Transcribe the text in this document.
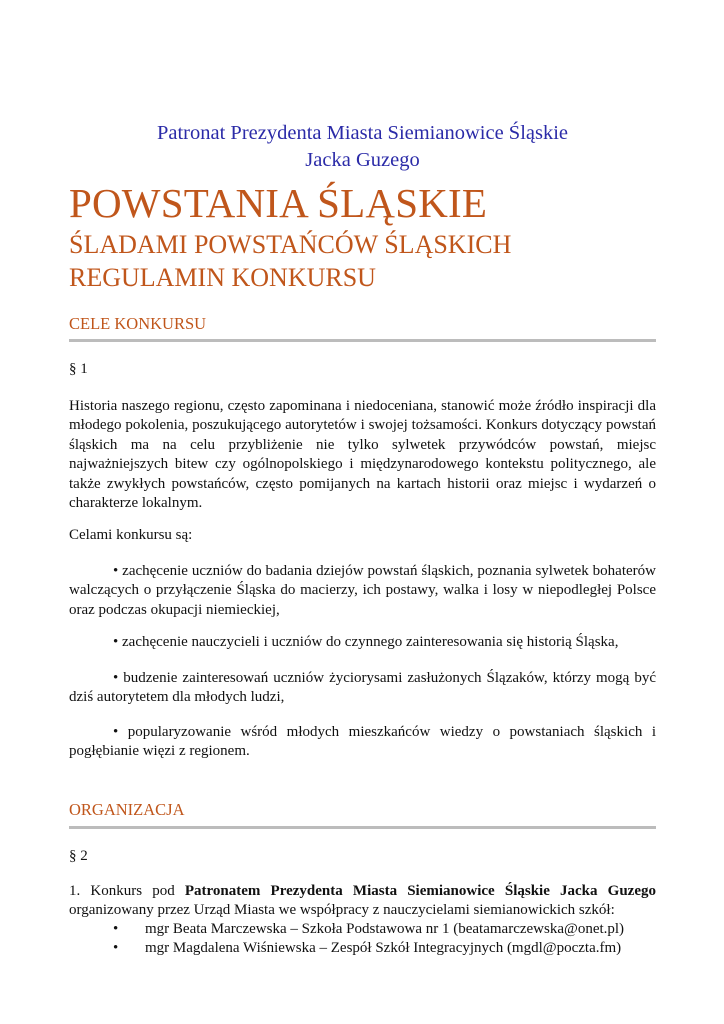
Patronat Prezydenta Miasta Siemianowice Śląskie
Jacka Guzego
POWSTANIA ŚLĄSKIE
ŚLADAMI POWSTAŃCÓW ŚLĄSKICH
REGULAMIN KONKURSU
CELE KONKURSU
§ 1
Historia naszego regionu, często zapominana i niedoceniana, stanowić może źródło inspiracji dla młodego pokolenia, poszukującego autorytetów i swojej tożsamości. Konkurs dotyczący powstań śląskich ma na celu przybliżenie nie tylko sylwetek przywódców powstań, miejsc najważniejszych bitew czy ogólnopolskiego i międzynarodowego kontekstu politycznego, ale także zwykłych powstańców, często pomijanych na kartach historii oraz miejsc i wydarzeń o charakterze lokalnym.
Celami konkursu są:
• zachęcenie uczniów do badania dziejów powstań śląskich, poznania sylwetek bohaterów walczących o przyłączenie Śląska do macierzy, ich postawy, walka i losy w niepodległej Polsce oraz podczas okupacji niemieckiej,
• zachęcenie nauczycieli i uczniów do czynnego zainteresowania się historią Śląska,
• budzenie zainteresowań uczniów życiorysami zasłużonych Ślązaków, którzy mogą być dziś autorytetem dla młodych ludzi,
• popularyzowanie wśród młodych mieszkańców wiedzy o powstaniach śląskich i pogłębianie więzi z regionem.
ORGANIZACJA
§ 2
1. Konkurs pod Patronatem Prezydenta Miasta Siemianowice Śląskie Jacka Guzego organizowany przez Urząd Miasta we współpracy z nauczycielami siemianowickich szkół:
• mgr Beata Marczewska – Szkoła Podstawowa nr 1 (beatamarczewska@onet.pl)
• mgr Magdalena Wiśniewska – Zespół Szkół Integracyjnych (mgdl@poczta.fm)
